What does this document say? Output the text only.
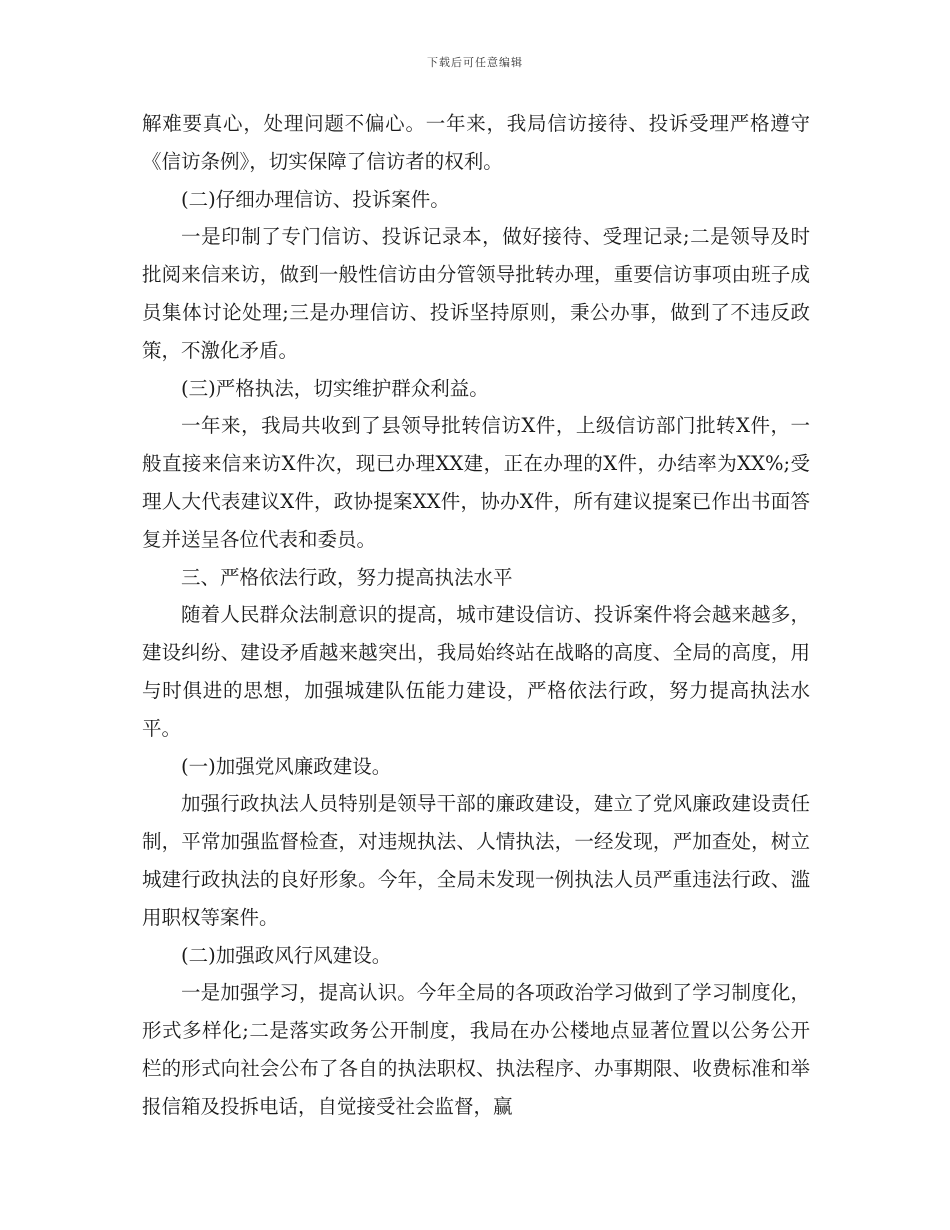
下载后可任意编辑

解难要真心，处理问题不偏心。一年来，我局信访接待、投诉受理严格遵守《信访条例》，切实保障了信访者的权利。

(二)仔细办理信访、投诉案件。

一是印制了专门信访、投诉记录本，做好接待、受理记录;二是领导及时批阅来信来访，做到一般性信访由分管领导批转办理，重要信访事项由班子成员集体讨论处理;三是办理信访、投诉坚持原则，秉公办事，做到了不违反政策，不激化矛盾。

(三)严格执法，切实维护群众利益。

一年来，我局共收到了县领导批转信访X件，上级信访部门批转X件，一般直接来信来访X件次，现已办理XX建，正在办理的X件，办结率为XX%;受理人大代表建议X件，政协提案XX件，协办X件，所有建议提案已作出书面答复并送呈各位代表和委员。

三、严格依法行政，努力提高执法水平

随着人民群众法制意识的提高，城市建设信访、投诉案件将会越来越多，建设纠纷、建设矛盾越来越突出，我局始终站在战略的高度、全局的高度，用与时俱进的思想，加强城建队伍能力建设，严格依法行政，努力提高执法水平。

(一)加强党风廉政建设。

加强行政执法人员特别是领导干部的廉政建设，建立了党风廉政建设责任制，平常加强监督检查，对违规执法、人情执法，一经发现，严加查处，树立城建行政执法的良好形象。今年，全局未发现一例执法人员严重违法行政、滥用职权等案件。

(二)加强政风行风建设。

一是加强学习，提高认识。今年全局的各项政治学习做到了学习制度化，形式多样化;二是落实政务公开制度，我局在办公楼地点显著位置以公务公开栏的形式向社会公布了各自的执法职权、执法程序、办事期限、收费标准和举报信箱及投拆电话，自觉接受社会监督，赢
